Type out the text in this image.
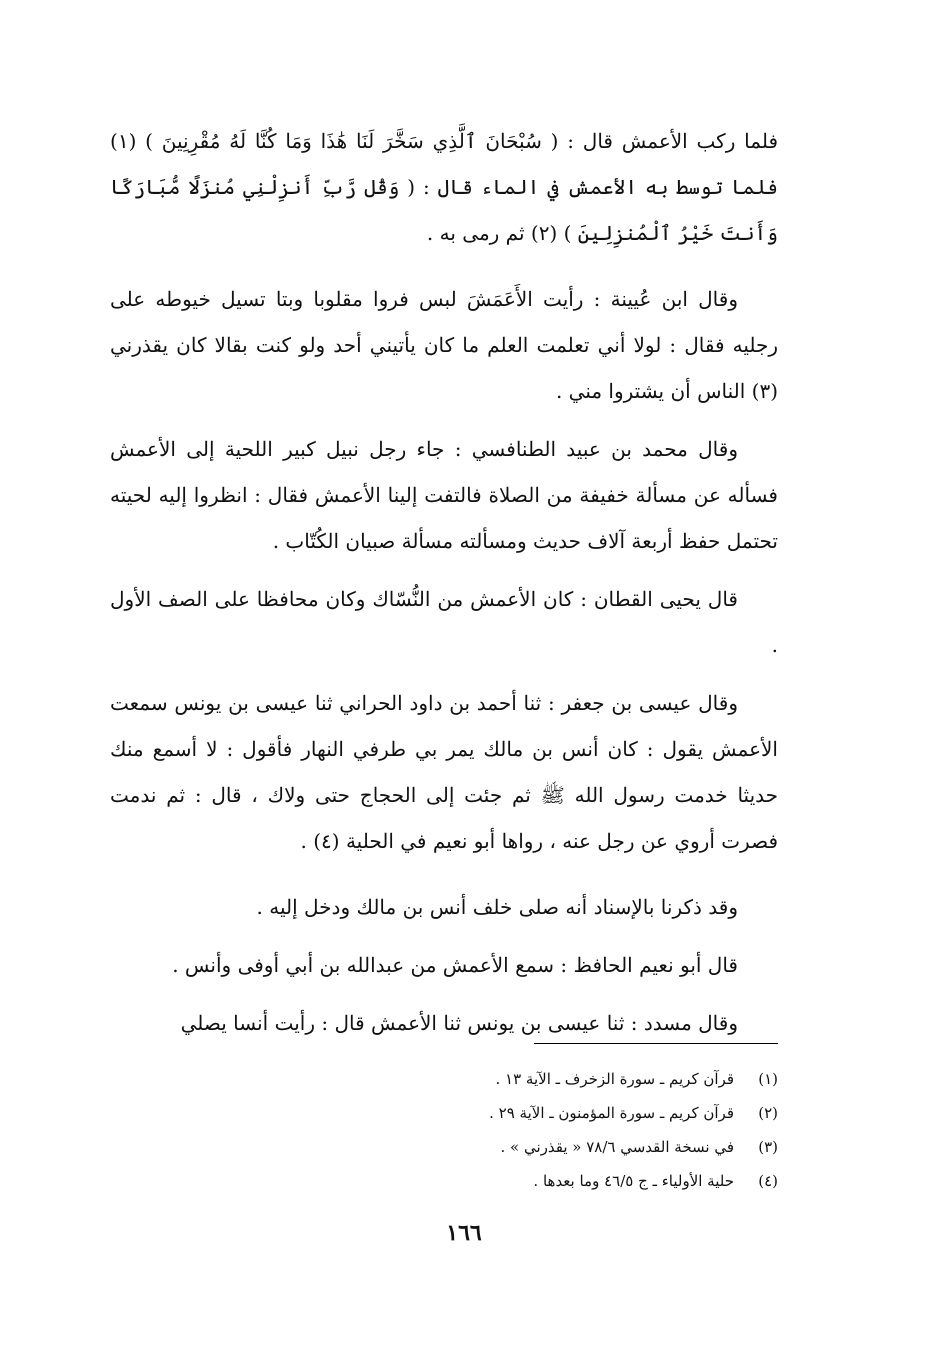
فلما ركب الأعمش قال : ( سُبْحَانَ ٱلَّذِي سَخَّرَ لَنَا هَٰذَا وَمَا كُنَّا لَهُ مُقْرِنِينَ ) (١) فلما توسط به الأعمش في الماء قال : ( وَقُل رَّبِّ أَنزِلْنِي مُنزَلًا مُّبَارَكًا وَأَنتَ خَيْرُ ٱلْمُنزِلِينَ ) (٢) ثم رمى به .

وقال ابن عُيينة : رأيت الأَعَمَشَ لبس فروا مقلوبا وبتا تسيل خيوطه على رجليه فقال : لولا أني تعلمت العلم ما كان يأتيني أحد ولو كنت بقالا كان يقذرني (٣) الناس أن يشتروا مني .

وقال محمد بن عبيد الطنافسي : جاء رجل نبيل كبير اللحية إلى الأعمش فسأله عن مسألة خفيفة من الصلاة فالتفت إلينا الأعمش فقال : انظروا إليه لحيته تحتمل حفظ أربعة آلاف حديث ومسألته مسألة صبيان الكُتّاب .

قال يحيى القطان : كان الأعمش من النُّسّاك وكان محافظا على الصف الأول .

وقال عيسى بن جعفر : ثنا أحمد بن داود الحراني ثنا عيسى بن يونس سمعت الأعمش يقول : كان أنس بن مالك يمر بي طرفي النهار فأقول : لا أسمع منك حديثا خدمت رسول الله ﷺ ثم جئت إلى الحجاج حتى ولاك ، قال : ثم ندمت فصرت أروي عن رجل عنه ، رواها أبو نعيم في الحلية (٤) .

وقد ذكرنا بالإسناد أنه صلى خلف أنس بن مالك ودخل إليه .

قال أبو نعيم الحافظ : سمع الأعمش من عبدالله بن أبي أوفى وأنس .

وقال مسدد : ثنا عيسى بن يونس ثنا الأعمش قال : رأيت أنسا يصلي

(١)
قرآن كريم ـ سورة الزخرف ـ الآية ١٣ .
(٢)
قرآن كريم ـ سورة المؤمنون ـ الآية ٢٩ .
(٣)
في نسخة القدسي ٧٨/٦ « يقذرني » .
(٤)
حلية الأولياء ـ ج ٤٦/٥ وما بعدها .
١٦٦
